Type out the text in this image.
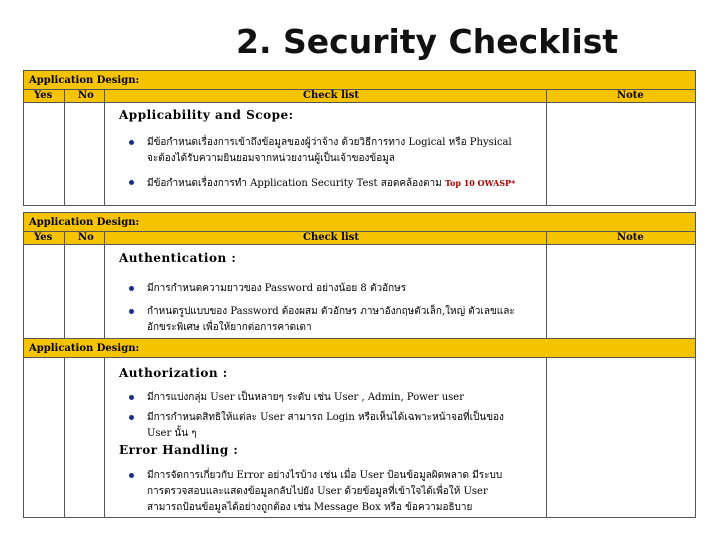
2. Security Checklist
Application Design:
Yes	No	Check list	Note
Applicability and Scope:
มีข้อกำหนดเรื่องการเข้าถึงข้อมูลของผู้ว่าจ้าง ด้วยวิธีการทาง Logical หรือ Physical
จะต้องได้รับความยินยอมจากหน่วยงานผู้เป็นเจ้าของข้อมูล
มีข้อกำหนดเรื่องการทำ Application Security Test สอดคล้องตาม Top 10 OWASP*
Application Design:
Yes	No	Check list	Note
Authentication :
มีการกำหนดความยาวของ Password อย่างน้อย 8 ตัวอักษร
กำหนดรูปแบบของ Password ต้องผสม ตัวอักษร ภาษาอังกฤษตัวเล็ก,ใหญ่ ตัวเลขและ
อักขระพิเศษ เพื่อให้ยากต่อการคาดเดา
Application Design:
Authorization :
มีการแบ่งกลุ่ม User เป็นหลายๆ ระดับ เช่น User , Admin, Power user
มีการกำหนดสิทธิให้แต่ละ User สามารถ Login หรือเห็นได้เฉพาะหน้าจอที่เป็นของ
User นั้น ๆ
Error Handling :
มีการจัดการเกี่ยวกับ Error อย่างไรบ้าง เช่น เมื่อ User ป้อนข้อมูลผิดพลาด มีระบบ
การตรวจสอบและแสดงข้อมูลกลับไปยัง User ด้วยข้อมูลที่เข้าใจได้เพื่อให้ User
สามารถป้อนข้อมูลได้อย่างถูกต้อง เช่น Message Box หรือ ข้อความอธิบาย
